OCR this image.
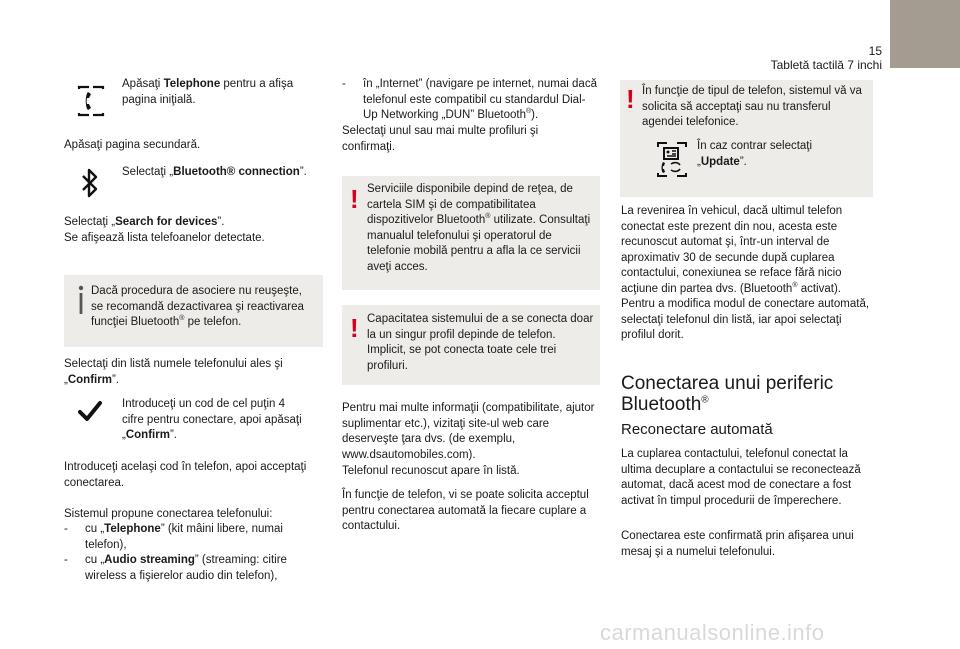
15
Tabletă tactilă 7 inchi

Apăsaţi Telephone pentru a afişa pagina iniţială.

Apăsaţi pagina secundară.

Selectaţi „Bluetooth® connection”.

Selectaţi „Search for devices”.
Se afişează lista telefoanelor detectate.

Dacă procedura de asociere nu reuşeşte, se recomandă dezactivarea şi reactivarea funcţiei Bluetooth® pe telefon.

Selectaţi din listă numele telefonului ales şi
„Confirm”.

Introduceţi un cod de cel puţin 4 cifre pentru conectare, apoi apăsaţi „Confirm”.

Introduceţi acelaşi cod în telefon, apoi acceptaţi conectarea.

Sistemul propune conectarea telefonului:

-	cu „Telephone” (kit mâini libere, numai telefon),
-	cu „Audio streaming” (streaming: citire wireless a fişierelor audio din telefon),
-	în „Internet” (navigare pe internet, numai dacă telefonul este compatibil cu standardul Dial-Up Networking „DUN” Bluetooth®).

Selectaţi unul sau mai multe profiluri şi confirmaţi.

! Serviciile disponibile depind de reţea, de cartela SIM şi de compatibilitatea dispozitivelor Bluetooth® utilizate. Consultaţi manualul telefonului şi operatorul de telefonie mobilă pentru a afla la ce servicii aveţi acces.

! Capacitatea sistemului de a se conecta doar la un singur profil depinde de telefon. Implicit, se pot conecta toate cele trei profiluri.

Pentru mai multe informaţii (compatibilitate, ajutor suplimentar etc.), vizitaţi site-ul web care deserveşte ţara dvs. (de exemplu, www.dsautomobiles.com).

Telefonul recunoscut apare în listă.

În funcţie de telefon, vi se poate solicita acceptul pentru conectarea automată la fiecare cuplare a contactului.

! În funcţie de tipul de telefon, sistemul vă va solicita să acceptaţi sau nu transferul agendei telefonice.

În caz contrar selectaţi „Update”.

La revenirea în vehicul, dacă ultimul telefon conectat este prezent din nou, acesta este recunoscut automat şi, într-un interval de aproximativ 30 de secunde după cuplarea contactului, conexiunea se reface fără nicio acţiune din partea dvs. (Bluetooth® activat). Pentru a modifica modul de conectare automată, selectaţi telefonul din listă, iar apoi selectaţi profilul dorit.

Conectarea unui periferic Bluetooth®

Reconectare automată

La cuplarea contactului, telefonul conectat la ultima decuplare a contactului se reconectează automat, dacă acest mod de conectare a fost activat în timpul procedurii de împerechere.

Conectarea este confirmată prin afişarea unui mesaj şi a numelui telefonului.

carmanualsonline.info
